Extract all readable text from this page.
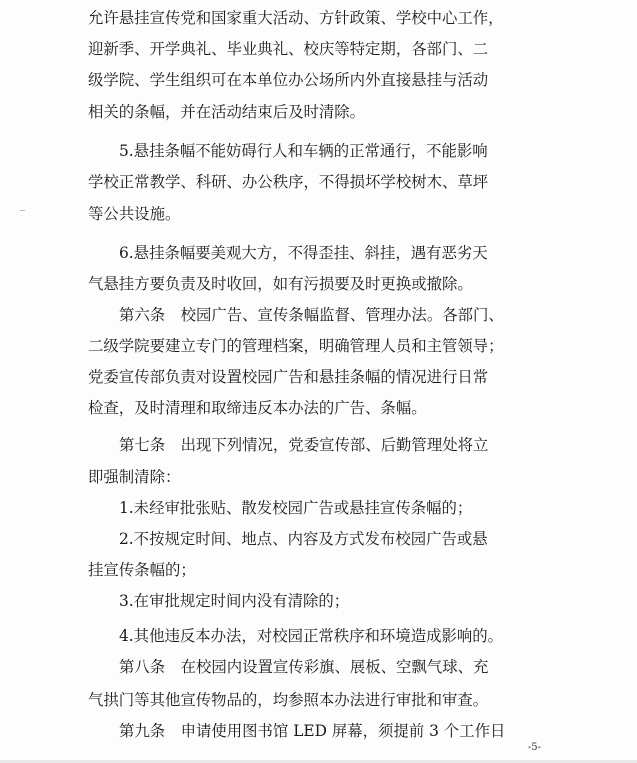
允许悬挂宣传党和国家重大活动、方针政策、学校中心工作，
迎新季、开学典礼、毕业典礼、校庆等特定期，各部门、二
级学院、学生组织可在本单位办公场所内外直接悬挂与活动
相关的条幅，并在活动结束后及时清除。
5.悬挂条幅不能妨碍行人和车辆的正常通行，不能影响
学校正常教学、科研、办公秩序，不得损坏学校树木、草坪
等公共设施。
6.悬挂条幅要美观大方，不得歪挂、斜挂，遇有恶劣天
气悬挂方要负责及时收回，如有污损要及时更换或撤除。
第六条　校园广告、宣传条幅监督、管理办法。各部门、
二级学院要建立专门的管理档案，明确管理人员和主管领导；
党委宣传部负责对设置校园广告和悬挂条幅的情况进行日常
检查，及时清理和取缔违反本办法的广告、条幅。
第七条　出现下列情况，党委宣传部、后勤管理处将立
即强制清除：
1.未经审批张贴、散发校园广告或悬挂宣传条幅的；
2.不按规定时间、地点、内容及方式发布校园广告或悬
挂宣传条幅的；
3.在审批规定时间内没有清除的；
4.其他违反本办法，对校园正常秩序和环境造成影响的。
第八条　在校园内设置宣传彩旗、展板、空飘气球、充
气拱门等其他宣传物品的，均参照本办法进行审批和审查。
第九条　申请使用图书馆 LED 屏幕，须提前 3 个工作日
-5-
